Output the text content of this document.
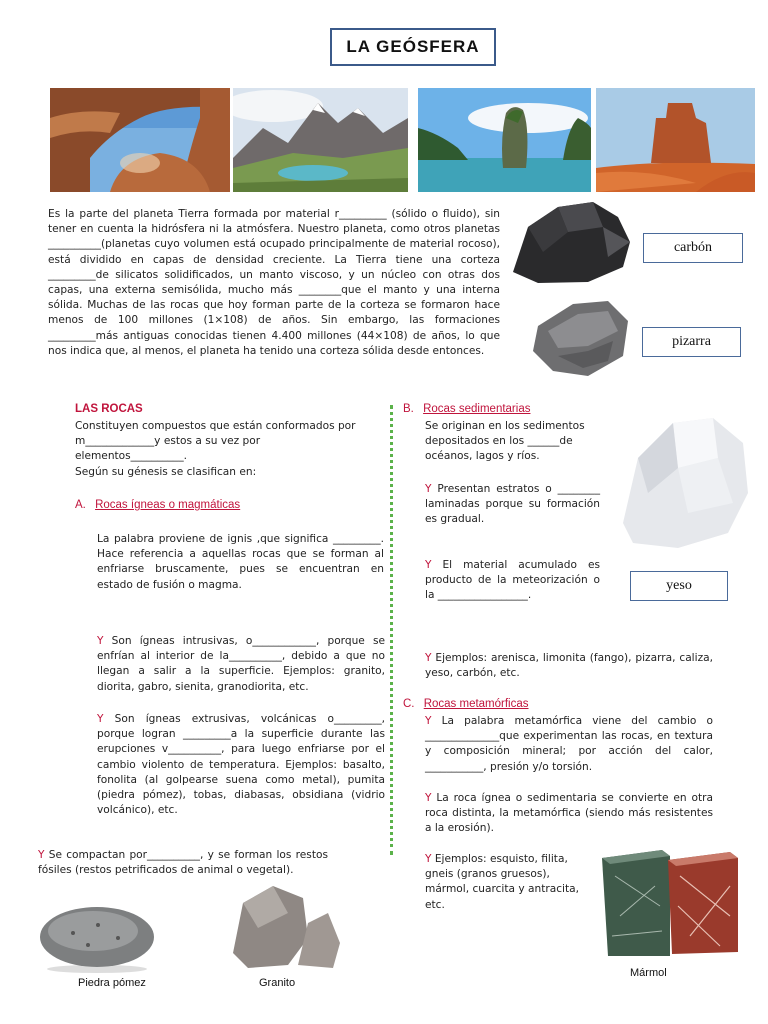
LA GEÓSFERA
Es la parte del planeta Tierra formada por material r_________ (sólido o fluido), sin tener en cuenta la hidrósfera ni la atmósfera. Nuestro planeta, como otros planetas __________(planetas cuyo volumen está ocupado principalmente de material rocoso), está dividido en capas de densidad creciente. La Tierra tiene una corteza _________de silicatos solidificados, un manto viscoso, y un núcleo con otras dos capas, una externa semisólida, mucho más ________que el manto y una interna sólida. Muchas de las rocas que hoy forman parte de la corteza se formaron hace menos de 100 millones (1×108) de años. Sin embargo, las formaciones _________más antiguas conocidas tienen 4.400 millones (44×108) de años, lo que nos indica que, al menos, el planeta ha tenido una corteza sólida desde entonces.
carbón
pizarra
LAS ROCAS
Constituyen compuestos que están conformados por m_____________y estos a su vez por elementos__________.
Según su génesis se clasifican en:
A. Rocas ígneas o magmáticas
La palabra proviene de ignis ,que significa _________. Hace referencia a aquellas rocas que se forman al enfriarse bruscamente, pues se encuentran en estado de fusión o magma.
Y Son ígneas intrusivas, o____________, porque se enfrían al interior de la__________, debido a que no llegan a salir a la superficie. Ejemplos: granito, diorita, gabro, sienita, granodiorita, etc.
Y Son ígneas extrusivas, volcánicas o_________, porque logran _________a la superficie durante las erupciones v__________, para luego enfriarse por el cambio violento de temperatura. Ejemplos: basalto, fonolita (al golpearse suena como metal), pumita (piedra pómez), tobas, diabasas, obsidiana (vidrio volcánico), etc.
Y Se compactan por__________, y se forman los restos fósiles (restos petrificados de animal o vegetal).
Piedra pómez	Granito
B. Rocas sedimentarias
Se originan en los sedimentos depositados en los ______de océanos, lagos y ríos.
Y Presentan estratos o ________ laminadas porque su formación es gradual.
Y El material acumulado es producto de la meteorización o la _________________.
Y Ejemplos: arenisca, limonita (fango), pizarra, caliza, yeso, carbón, etc.
yeso
C. Rocas metamórficas
Y La palabra metamórfica viene del cambio o ______________que experimentan las rocas, en textura y composición mineral; por acción del calor, ___________, presión y/o torsión.
Y La roca ígnea o sedimentaria se convierte en otra roca distinta, la metamórfica (siendo más resistentes a la erosión).
Y Ejemplos: esquisto, filita, gneis (granos gruesos), mármol, cuarcita y antracita, etc.
Mármol
